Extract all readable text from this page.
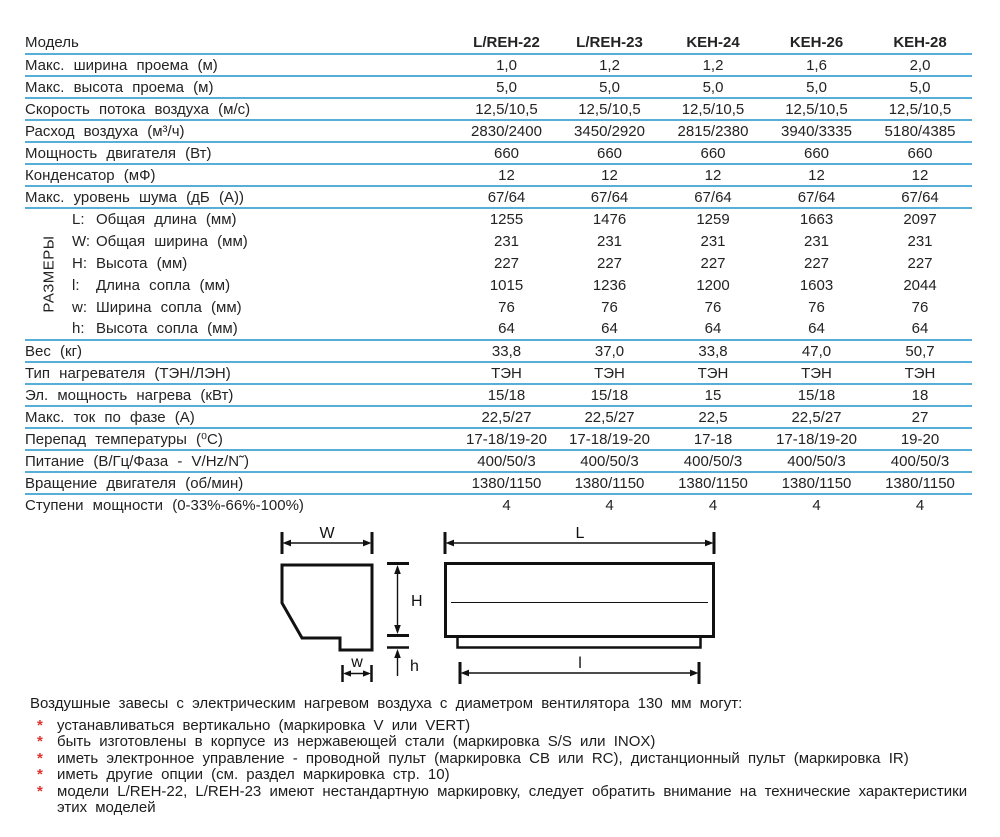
Модель		L/REH-22	L/REH-23	KEH-24	KEH-26	KEH-28
Макс. ширина проема (м)		1,0	1,2	1,2	1,6	2,0
Макс. высота проема (м)		5,0	5,0	5,0	5,0	5,0
Скорость потока воздуха (м/с)		12,5/10,5	12,5/10,5	12,5/10,5	12,5/10,5	12,5/10,5
Расход воздуха (м³/ч)		2830/2400	3450/2920	2815/2380	3940/3335	5180/4385
Мощность двигателя (Вт)		660	660	660	660	660
Конденсатор (мФ)		12	12	12	12	12
Макс. уровень шума (дБ (А))		67/64	67/64	67/64	67/64	67/64

РАЗМЕРЫ	L: Общая длина (мм)	1255	1476	1259	1663	2097
	W: Общая ширина (мм)	231	231	231	231	231
	H: Высота (мм)	227	227	227	227	227
	l: Длина сопла (мм)	1015	1236	1200	1603	2044
	w: Ширина сопла (мм)	76	76	76	76	76
	h: Высота сопла (мм)	64	64	64	64	64
Вес (кг)		33,8	37,0	33,8	47,0	50,7
Тип нагревателя (ТЭН/ЛЭН)		ТЭН	ТЭН	ТЭН	ТЭН	ТЭН
Эл. мощность нагрева (кВт)		15/18	15/18	15	15/18	18
Макс. ток по фазе (А)		22,5/27	22,5/27	22,5	22,5/27	27
Перепад температуры (⁰С)		17-18/19-20	17-18/19-20	17-18	17-18/19-20	19-20
Питание (В/Гц/Фаза - V/Hz/N˜)		400/50/3	400/50/3	400/50/3	400/50/3	400/50/3
Вращение двигателя (об/мин)		1380/1150	1380/1150	1380/1150	1380/1150	1380/1150
Ступени мощности (0-33%-66%-100%)		4	4	4	4	4
W
H
h
w
L
l

Воздушные завесы с электрическим нагревом воздуха с диаметром вентилятора 130 мм могут:

* устанавливаться вертикально (маркировка V или VERT)
* быть изготовлены в корпусе из нержавеющей стали (маркировка S/S или INOX)
* иметь электронное управление - проводной пульт (маркировка СВ или RC), дистанционный пульт (маркировка IR)
* иметь другие опции (см. раздел маркировка стр. 10)
* модели L/REH-22, L/REH-23 имеют нестандартную маркировку, следует обратить внимание на технические характеристики этих моделей
